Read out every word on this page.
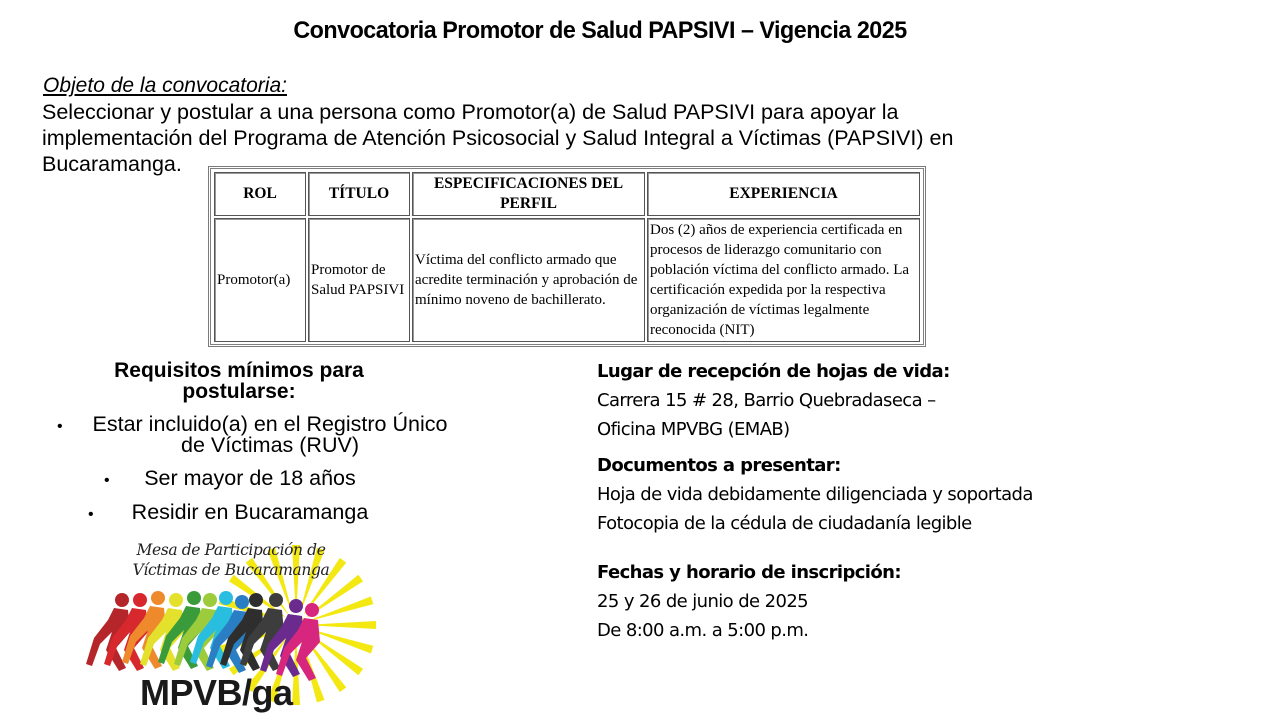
Convocatoria Promotor de Salud PAPSIVI – Vigencia 2025
Objeto de la convocatoria:
Seleccionar y postular a una persona como Promotor(a) de Salud PAPSIVI para apoyar la
implementación del Programa de Atención Psicosocial y Salud Integral a Víctimas (PAPSIVI) en
Bucaramanga.
ROL	TÍTULO	ESPECIFICACIONES DEL PERFIL	EXPERIENCIA
Promotor(a)	Promotor de Salud PAPSIVI	Víctima del conflicto armado que acredite terminación y aprobación de mínimo noveno de bachillerato.	Dos (2) años de experiencia certificada en procesos de liderazgo comunitario con población víctima del conflicto armado. La certificación expedida por la respectiva organización de víctimas legalmente reconocida (NIT)
Requisitos mínimos para postularse:
• Estar incluido(a) en el Registro Único de Víctimas (RUV)
• Ser mayor de 18 años
• Residir en Bucaramanga
Lugar de recepción de hojas de vida:
Carrera 15 # 28, Barrio Quebradaseca –
Oficina MPVBG (EMAB)
Documentos a presentar:
Hoja de vida debidamente diligenciada y soportada
Fotocopia de la cédula de ciudadanía legible
Fechas y horario de inscripción:
25 y 26 de junio de 2025
De 8:00 a.m. a 5:00 p.m.
Mesa de Participación de
Víctimas de Bucaramanga
MPVB/ga
